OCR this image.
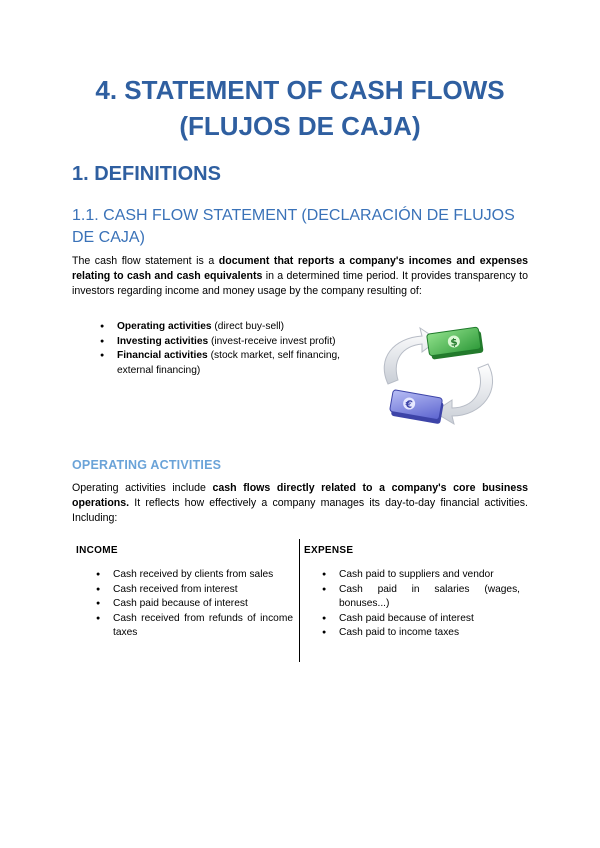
4. STATEMENT OF CASH FLOWS
(FLUJOS DE CAJA)
1. DEFINITIONS
1.1. CASH FLOW STATEMENT (DECLARACIÓN DE FLUJOS DE CAJA)

The cash flow statement is a document that reports a company's incomes and expenses relating to cash and cash equivalents in a determined time period. It provides transparency to investors regarding income and money usage by the company resulting of:

● Operating activities (direct buy-sell)
● Investing activities (invest-receive invest profit)
● Financial activities (stock market, self financing, external financing)
$
€
OPERATING ACTIVITIES

Operating activities include cash flows directly related to a company's core business operations. It reflects how effectively a company manages its day-to-day financial activities. Including:

INCOME	EXPENSE

● Cash received by clients from sales
● Cash received from interest
● Cash paid because of interest
● Cash received from refunds of income taxes
● Cash paid to suppliers and vendor
● Cash paid in salaries (wages, bonuses...)
● Cash paid because of interest
● Cash paid to income taxes
